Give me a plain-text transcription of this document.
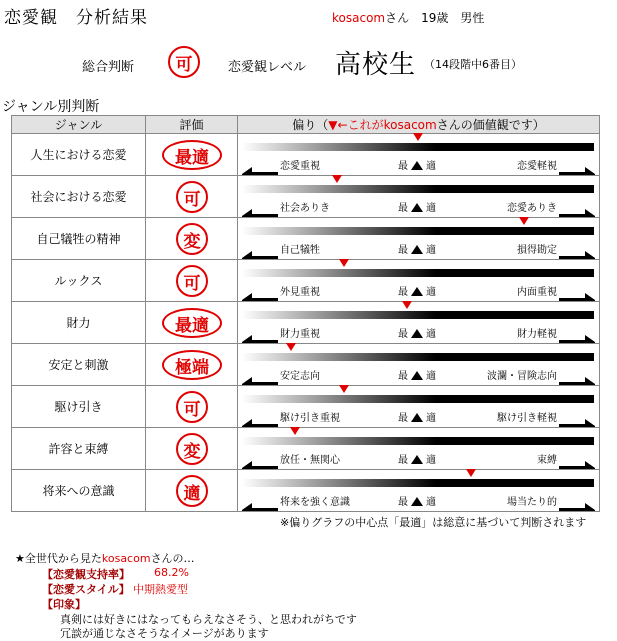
恋愛観　分析結果	kosacomさん　19歳　男性
総合判断	可	恋愛観レベル 高校生 （14段階中6番目）
ジャンル別判断
ジャンル	評価	偏り（▼←これがkosacomさんの価値観です）
人生における恋愛	最適	恋愛重視 最 適 恋愛軽視

社会における恋愛	可	社会ありき 最 適 恋愛ありき

自己犠牲の精神	変	自己犠牲 最 適 損得勘定

ルックス	可	外見重視 最 適 内面重視

財力	最適	財力重視 最 適 財力軽視

安定と刺激	極端	安定志向 最 適 波瀾・冒険志向

駆け引き	可	駆け引き重視 最 適 駆け引き軽視

許容と束縛	変	放任・無関心 最 適 束縛

将来への意識	適	将来を強く意識 最 適 場当たり的
※偏りグラフの中心点「最適」は総意に基づいて判断されます
★全世代から見たkosacomさんの…
【恋愛観支持率】 68.2%
【恋愛スタイル】 中期熱愛型
【印象】
真剣には好きにはなってもらえなさそう、と思われがちです
冗談が通じなさそうなイメージがあります
